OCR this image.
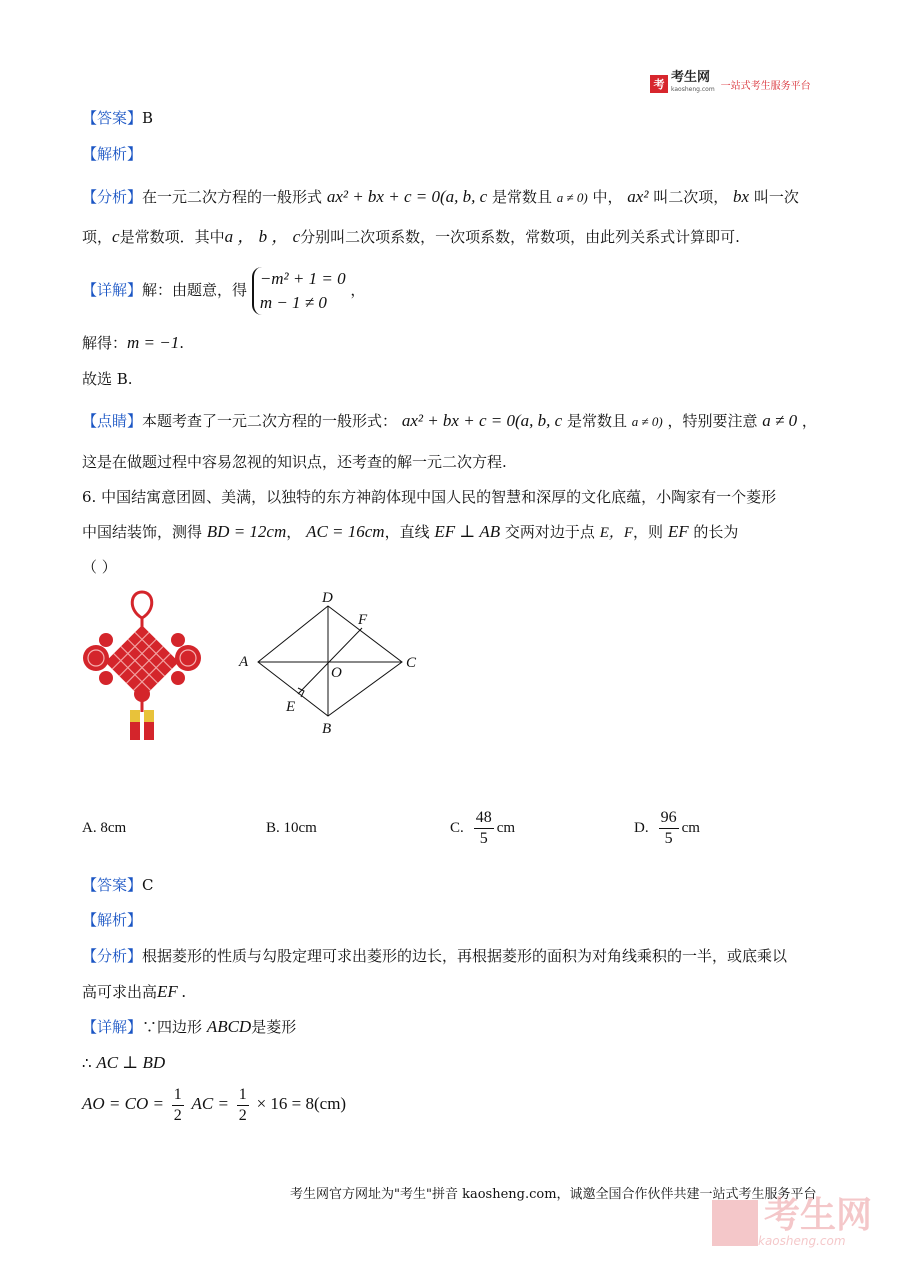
考 考生网
kaosheng.com 一站式考生服务平台
【答案】B
【解析】
【分析】在一元二次方程的一般形式 ax² + bx + c = 0(a, b, c 是常数且 a ≠ 0) 中， ax² 叫二次项， bx 叫一次
项，c是常数项．其中a ， b ， c分别叫二次项系数，一次项系数，常数项，由此列关系式计算即可.
【详解】解：由题意，得
−m² + 1 = 0
m − 1 ≠ 0
，
解得：m = −1.
故选 B.
【点睛】本题考查了一元二次方程的一般形式： ax² + bx + c = 0(a, b, c 是常数且 a ≠ 0) ，特别要注意 a ≠ 0 ，
这是在做题过程中容易忽视的知识点，还考查的解一元二次方程.
6. 中国结寓意团圆、美满，以独特的东方神韵体现中国人民的智慧和深厚的文化底蕴，小陶家有一个菱形
中国结装饰，测得 BD = 12cm， AC = 16cm，直线 EF ⊥ AB 交两对边于点 E，F，则 EF 的长为
（ ）
A
D
C
B
F
E
O
A. 8cm	B. 10cm	C. $\frac{48}{5}$ cm	D. $\frac{96}{5}$ cm
【答案】C
【解析】
【分析】根据菱形的性质与勾股定理可求出菱形的边长，再根据菱形的面积为对角线乘积的一半，或底乘以
高可求出高EF .
【详解】∵四边形 ABCD是菱形
∴ AC ⊥ BD
AO = CO = $\frac{1}{2}$ AC = $\frac{1}{2} \times 16 = 8(cm)$
考生网官方网址为"考生"拼音 kaosheng.com，诚邀全国合作伙伴共建一站式考生服务平台
考生网
kaosheng.com
